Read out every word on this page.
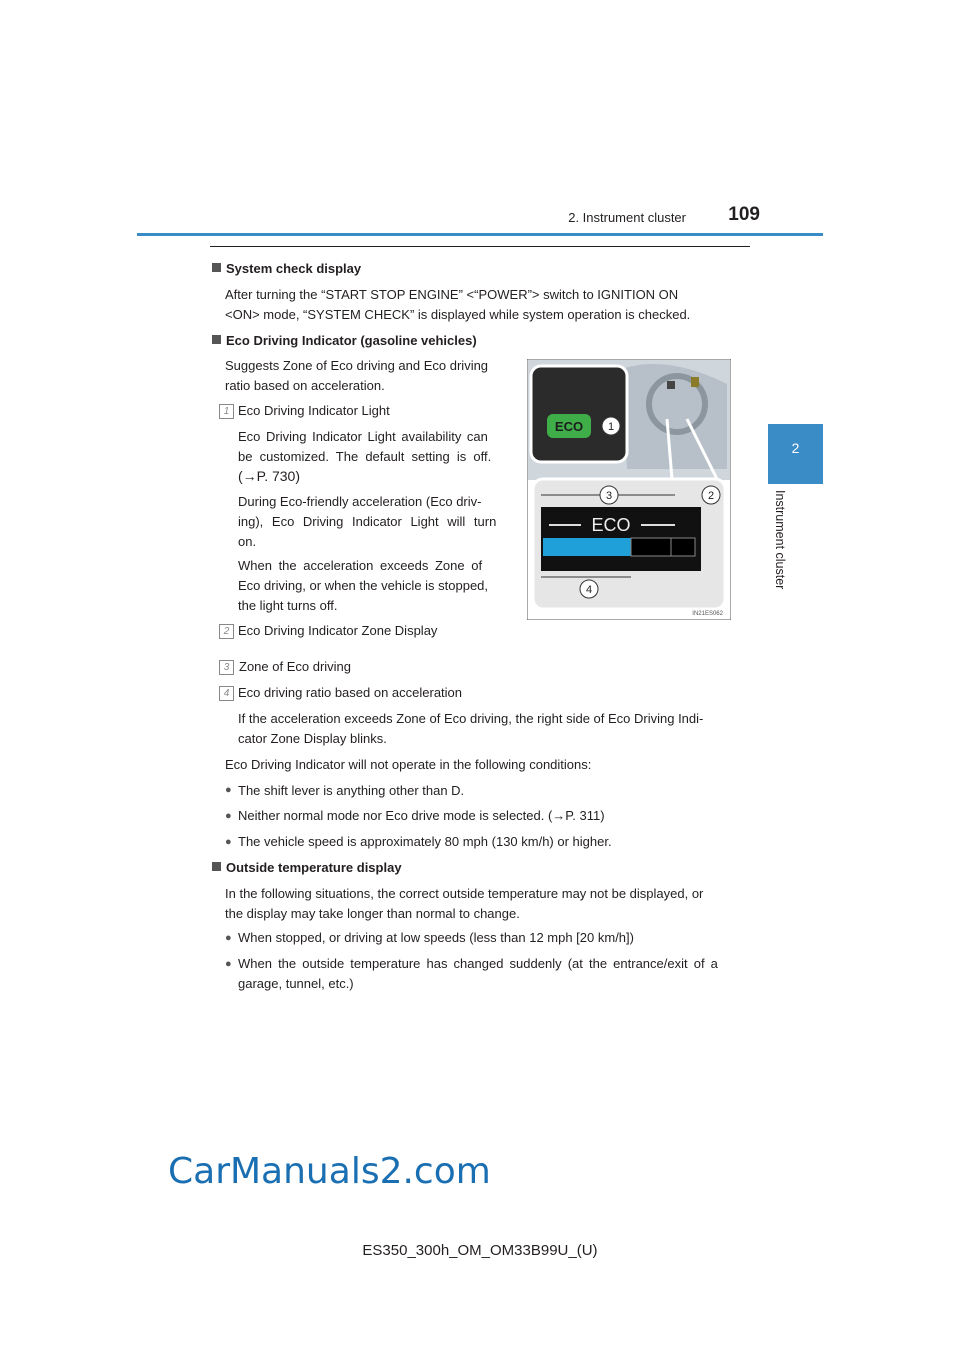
2. Instrument cluster	109
2
Instrument cluster
System check display
After turning the “START STOP ENGINE” <“POWER”> switch to IGNITION ON
<ON> mode, “SYSTEM CHECK” is displayed while system operation is checked.
Eco Driving Indicator (gasoline vehicles)
Suggests Zone of Eco driving and Eco driving
ratio based on acceleration.
1 Eco Driving Indicator Light
Eco Driving Indicator Light availability can
be customized. The default setting is off.
(→P. 730)
During Eco-friendly acceleration (Eco driv-
ing), Eco Driving Indicator Light will turn
on.
When the acceleration exceeds Zone of
Eco driving, or when the vehicle is stopped,
the light turns off.
2 Eco Driving Indicator Zone Display
3 Zone of Eco driving
4 Eco driving ratio based on acceleration
If the acceleration exceeds Zone of Eco driving, the right side of Eco Driving Indi-
cator Zone Display blinks.
Eco Driving Indicator will not operate in the following conditions:
● The shift lever is anything other than D.
● Neither normal mode nor Eco drive mode is selected. (→P. 311)
● The vehicle speed is approximately 80 mph (130 km/h) or higher.
Outside temperature display
In the following situations, the correct outside temperature may not be displayed, or
the display may take longer than normal to change.
● When stopped, or driving at low speeds (less than 12 mph [20 km/h])
● When the outside temperature has changed suddenly (at the entrance/exit of a
garage, tunnel, etc.)
ECO 1
ECO
3	2
4
IN21ES062
CarManuals2.com
ES350_300h_OM_OM33B99U_(U)
